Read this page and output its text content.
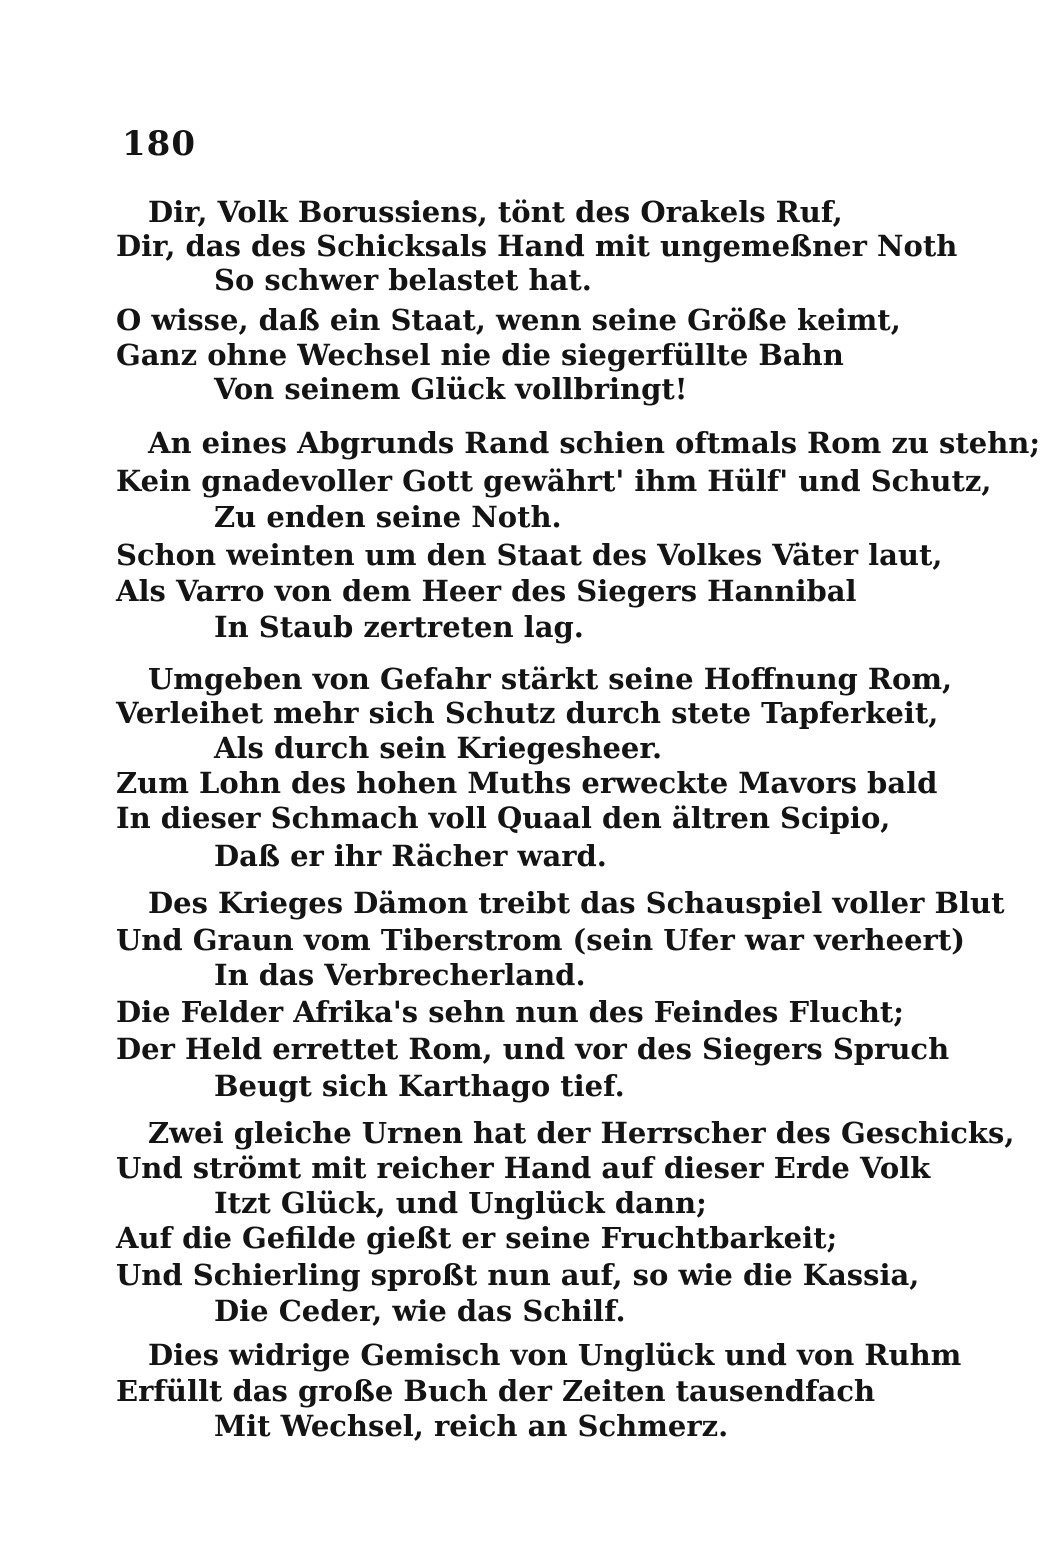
180
Dir, Volk Borussiens, tönt des Orakels Ruf,
Dir, das des Schicksals Hand mit ungemeßner Noth
So schwer belastet hat.
O wisse, daß ein Staat, wenn seine Größe keimt,
Ganz ohne Wechsel nie die siegerfüllte Bahn
Von seinem Glück vollbringt!
An eines Abgrunds Rand schien oftmals Rom zu stehn;
Kein gnadevoller Gott gewährt' ihm Hülf' und Schutz,
Zu enden seine Noth.
Schon weinten um den Staat des Volkes Väter laut,
Als Varro von dem Heer des Siegers Hannibal
In Staub zertreten lag.
Umgeben von Gefahr stärkt seine Hoffnung Rom,
Verleihet mehr sich Schutz durch stete Tapferkeit,
Als durch sein Kriegesheer.
Zum Lohn des hohen Muths erweckte Mavors bald
In dieser Schmach voll Quaal den ältren Scipio,
Daß er ihr Rächer ward.
Des Krieges Dämon treibt das Schauspiel voller Blut
Und Graun vom Tiberstrom (sein Ufer war verheert)
In das Verbrecherland.
Die Felder Afrika's sehn nun des Feindes Flucht;
Der Held errettet Rom, und vor des Siegers Spruch
Beugt sich Karthago tief.
Zwei gleiche Urnen hat der Herrscher des Geschicks,
Und strömt mit reicher Hand auf dieser Erde Volk
Itzt Glück, und Unglück dann;
Auf die Gefilde gießt er seine Fruchtbarkeit;
Und Schierling sproßt nun auf, so wie die Kassia,
Die Ceder, wie das Schilf.
Dies widrige Gemisch von Unglück und von Ruhm
Erfüllt das große Buch der Zeiten tausendfach
Mit Wechsel, reich an Schmerz.
